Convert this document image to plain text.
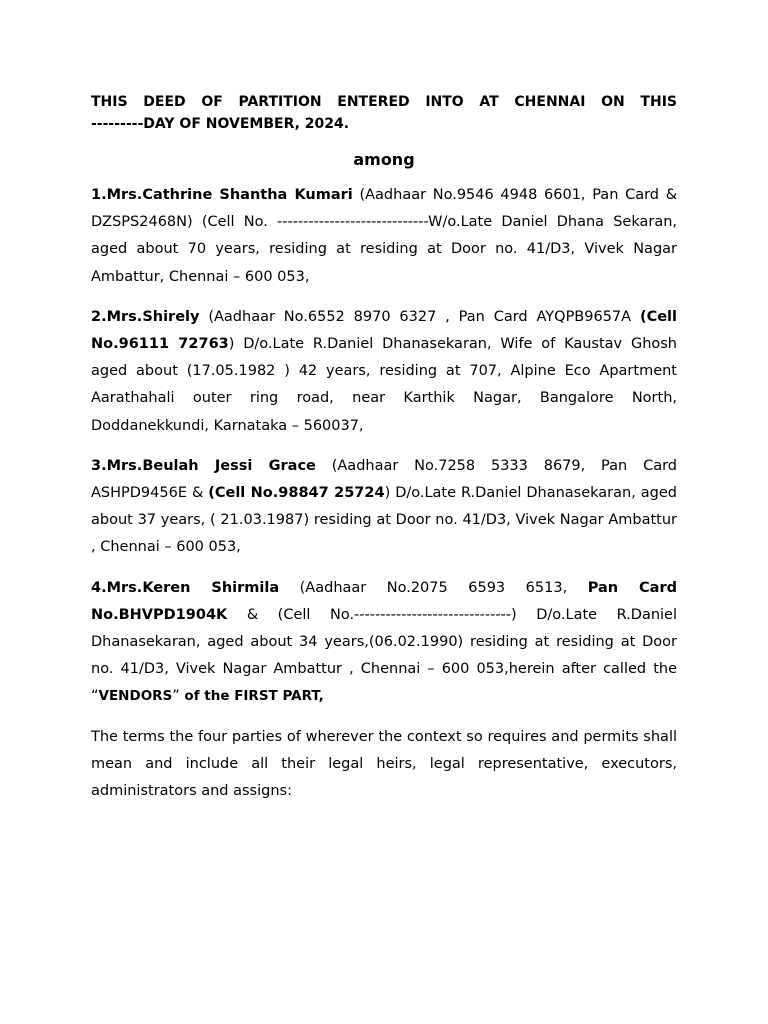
THIS DEED OF PARTITION ENTERED INTO AT CHENNAI ON THIS
---------DAY OF NOVEMBER, 2024.

among

1.Mrs.Cathrine Shantha Kumari (Aadhaar No.9546 4948 6601, Pan Card & DZSPS2468N) (Cell No. -----------------------------W/o.Late Daniel Dhana Sekaran, aged about 70 years, residing at residing at Door no. 41/D3, Vivek Nagar Ambattur, Chennai – 600 053,

2.Mrs.Shirely (Aadhaar No.6552 8970 6327 , Pan Card AYQPB9657A (Cell No.96111 72763) D/o.Late R.Daniel Dhanasekaran, Wife of Kaustav Ghosh aged about (17.05.1982 ) 42 years, residing at 707, Alpine Eco Apartment Aarathahali outer ring road, near Karthik Nagar, Bangalore North, Doddanekkundi, Karnataka – 560037,

3.Mrs.Beulah Jessi Grace (Aadhaar No.7258 5333 8679, Pan Card ASHPD9456E & (Cell No.98847 25724) D/o.Late R.Daniel Dhanasekaran, aged about 37 years, ( 21.03.1987) residing at Door no. 41/D3, Vivek Nagar Ambattur , Chennai – 600 053,

4.Mrs.Keren Shirmila (Aadhaar No.2075 6593 6513, Pan Card No.BHVPD1904K & (Cell No.------------------------------) D/o.Late R.Daniel Dhanasekaran, aged about 34 years,(06.02.1990) residing at residing at Door no. 41/D3, Vivek Nagar Ambattur , Chennai – 600 053,herein after called the “VENDORS” of the FIRST PART,

The terms the four parties of wherever the context so requires and permits shall mean and include all their legal heirs, legal representative, executors, administrators and assigns:
